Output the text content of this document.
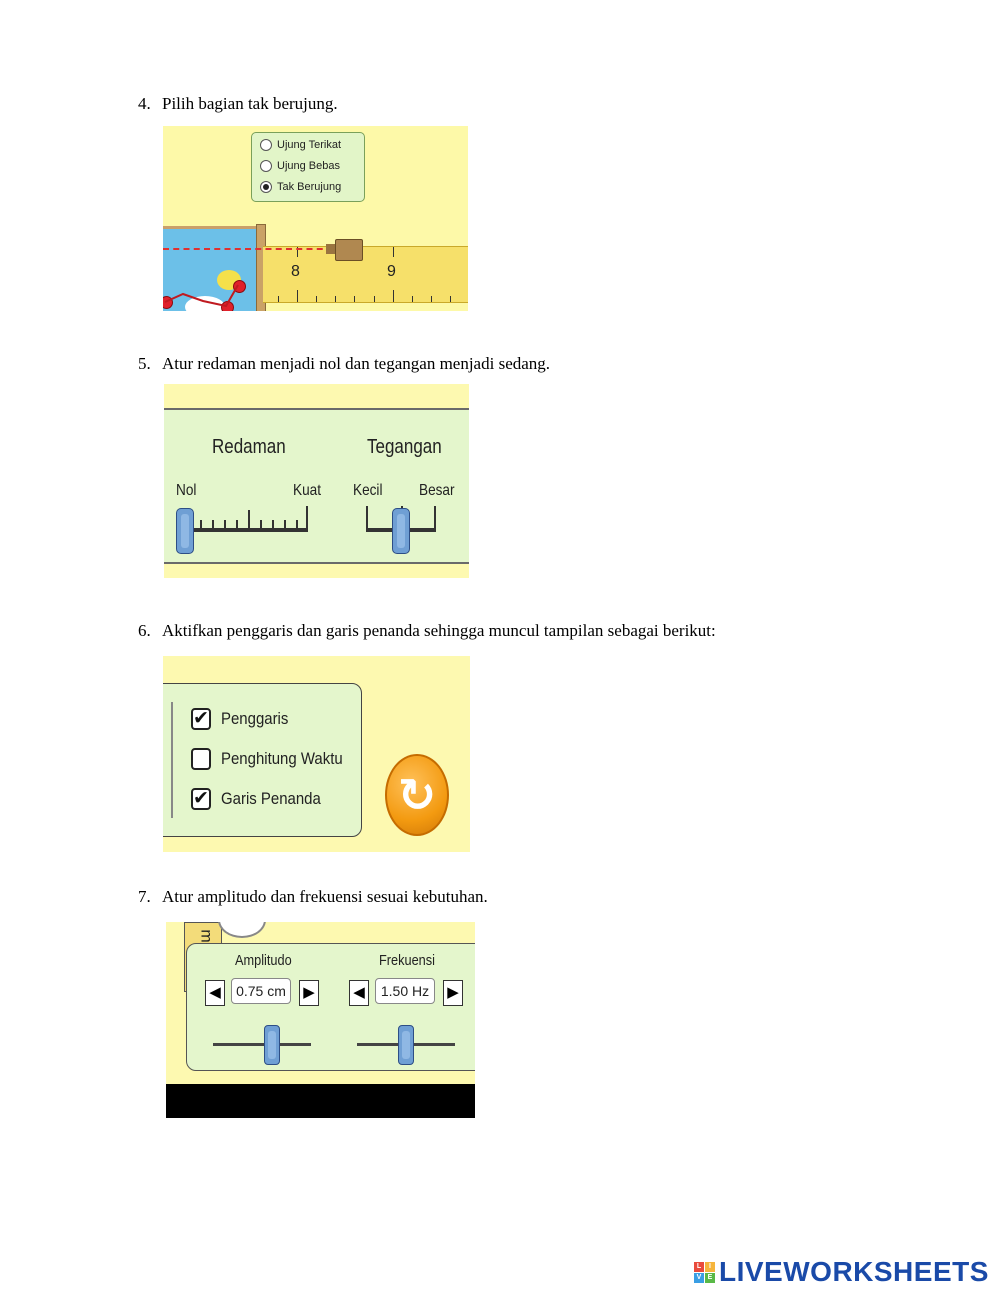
4. Pilih bagian tak berujung.
8	9
Ujung Terikat
Ujung Bebas
Tak Berujung
5. Atur redaman menjadi nol dan tegangan menjadi sedang.
Redaman	Tegangan
Nol	Kuat Kecil Besar
6. Aktifkan penggaris dan garis penanda sehingga muncul tampilan sebagai berikut:
✔ Penggaris
Penghitung Waktu
✔ Garis Penanda ↻
7. Atur amplitudo dan frekuensi sesuai kebutuhan.
m
Amplitudo	Frekuensi
◀	0.75 cm	▶	◀	1.50 Hz	▶
L	I
V E LIVEWORKSHEETS
